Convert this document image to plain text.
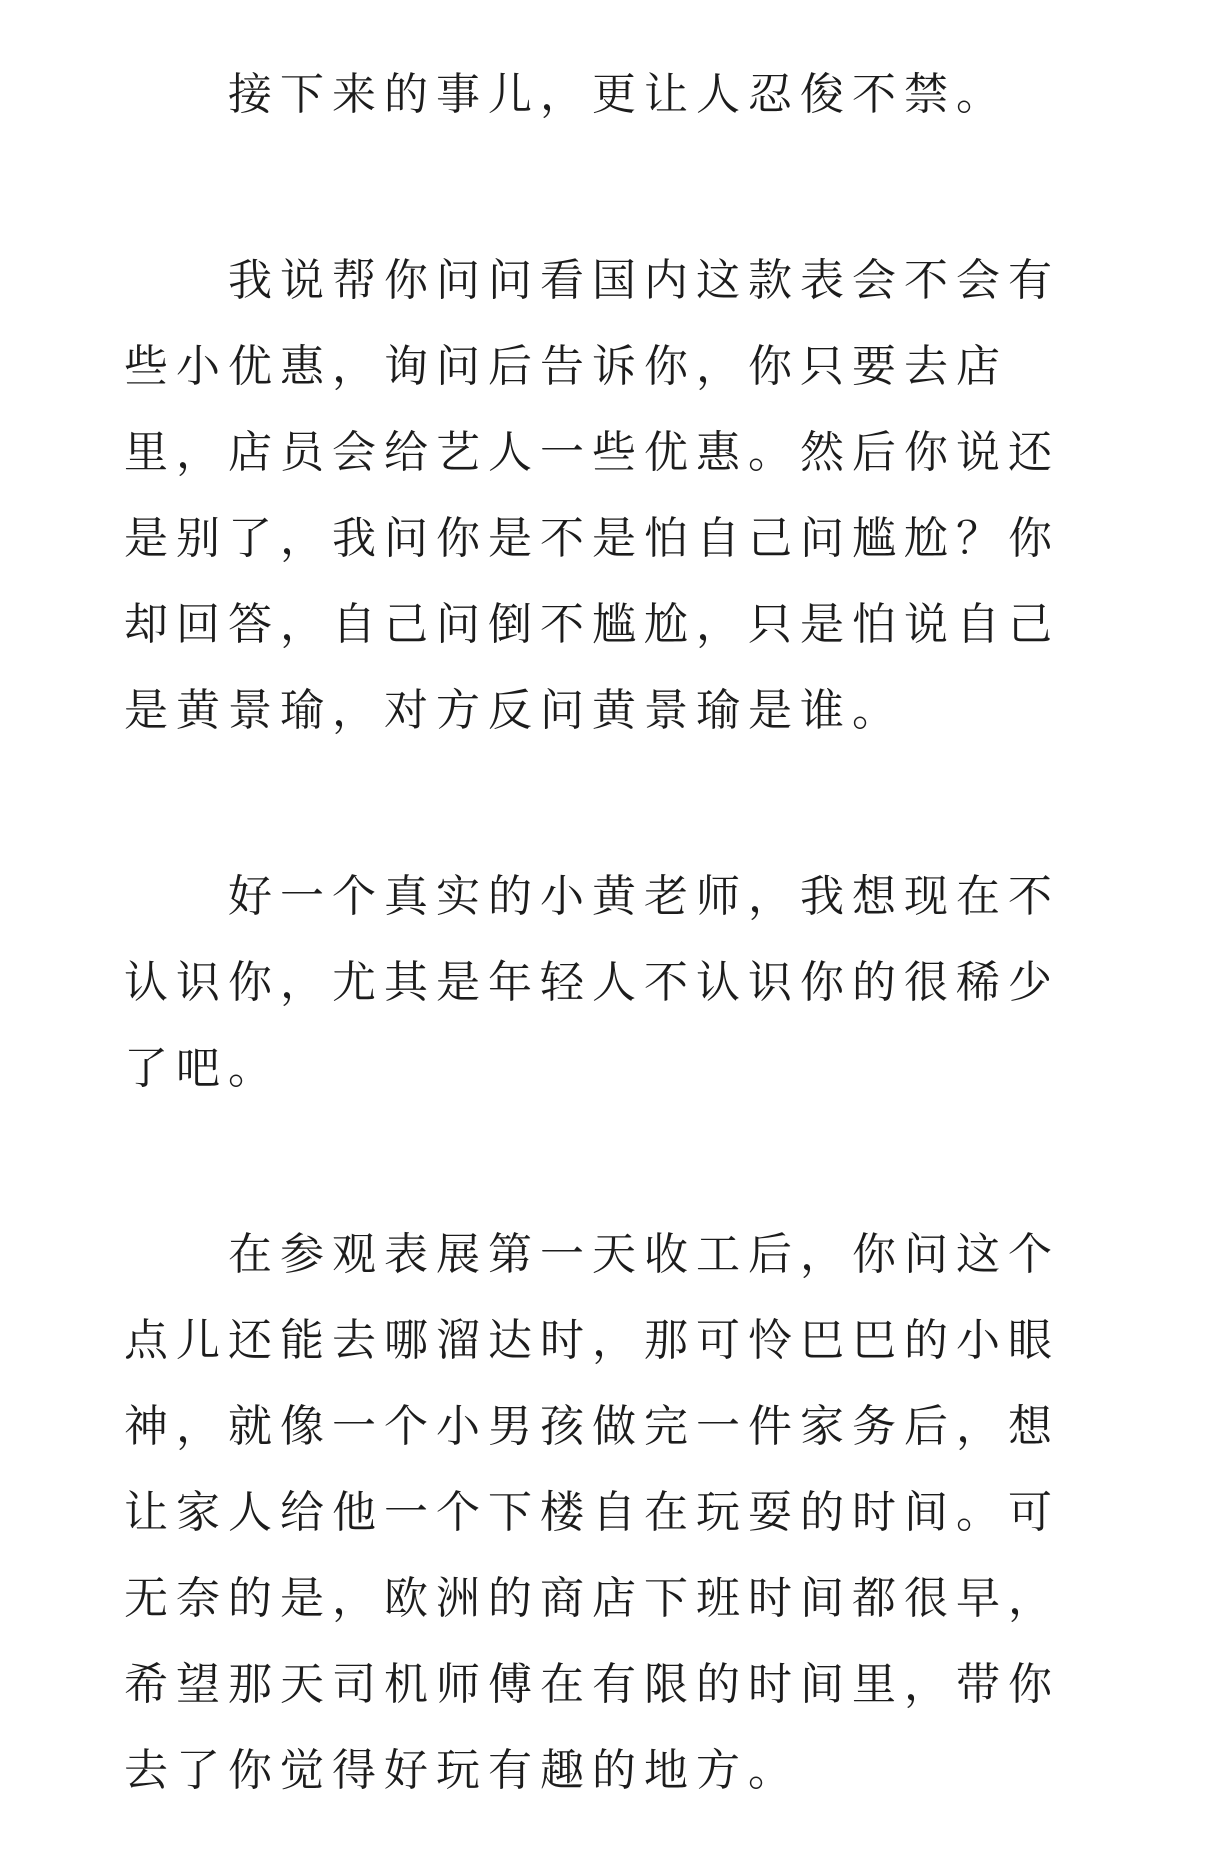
接下来的事儿，更让人忍俊不禁。

我说帮你问问看国内这款表会不会有些小优惠，询问后告诉你，你只要去店里，店员会给艺人一些优惠。然后你说还是别了，我问你是不是怕自己问尴尬？你却回答，自己问倒不尴尬，只是怕说自己是黄景瑜，对方反问黄景瑜是谁。

好一个真实的小黄老师，我想现在不认识你，尤其是年轻人不认识你的很稀少了吧。

在参观表展第一天收工后，你问这个点儿还能去哪溜达时，那可怜巴巴的小眼神，就像一个小男孩做完一件家务后，想让家人给他一个下楼自在玩耍的时间。可无奈的是，欧洲的商店下班时间都很早，希望那天司机师傅在有限的时间里，带你去了你觉得好玩有趣的地方。
